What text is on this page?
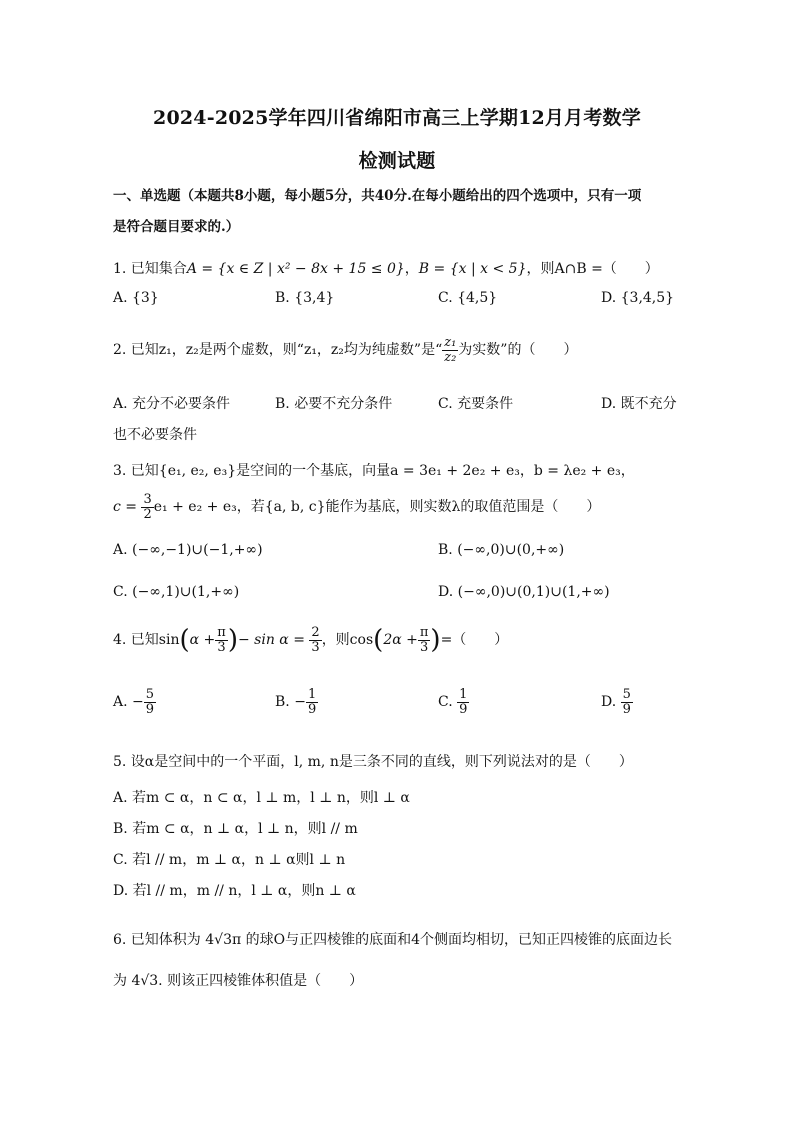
2024-2025学年四川省绵阳市高三上学期12月月考数学
检测试题
一、单选题（本题共8小题，每小题5分，共40分.在每小题给出的四个选项中，只有一项
是符合题目要求的.）
1. 已知集合A = {x ∈ Z | x² − 8x + 15 ≤ 0}，B = {x | x < 5}，则A∩B =（　　）
A. {3}	B. {3,4}	C. {4,5}	D. {3,4,5}
2. 已知z₁，z₂是两个虚数，则“z₁，z₂均为纯虚数”是“ $\frac{\text{z₁}}{\text{z₂}}$ 为实数”的（　　）
A. 充分不必要条件	B. 必要不充分条件	C. 充要条件	D. 既不充分
也不必要条件
3. 已知{e₁, e₂, e₃}是空间的一个基底，向量a = 3e₁ + 2e₂ + e₃，b = λe₂ + e₃，
$c = \frac{3}{2} e_1 + e_2 + e_3$，若{a, b, c}能作为基底，则实数λ的取值范围是（　　）
A. (−∞,−1)∪(−1,+∞)	B. (−∞,0)∪(0,+∞)
C. (−∞,1)∪(1,+∞)	D. (−∞,0)∪(0,1)∪(1,+∞)
4. 已知$\sin(\alpha + \frac{\pi}{3}$ )− $\sin \alpha = \frac{2}{3}$ ，则$\cos(2\alpha + \frac{\pi}{3}$ )=（　　）
A. − $\frac{5}{9}$	B. − $\frac{1}{9}$	C. $\frac{1}{9}$	D. $\frac{5}{9}$
5. 设α是空间中的一个平面，l, m, n是三条不同的直线，则下列说法对的是（　　）
A. 若m ⊂ α，n ⊂ α，l ⊥ m，l ⊥ n，则l ⊥ α
B. 若m ⊂ α，n ⊥ α，l ⊥ n，则l // m
C. 若l // m，m ⊥ α，n ⊥ α则l ⊥ n
D. 若l // m，m // n，l ⊥ α，则n ⊥ α
6. 已知体积为 4√3π 的球O与正四棱锥的底面和4个侧面均相切，已知正四棱锥的底面边长
为 4√3. 则该正四棱锥体积值是（　　）
